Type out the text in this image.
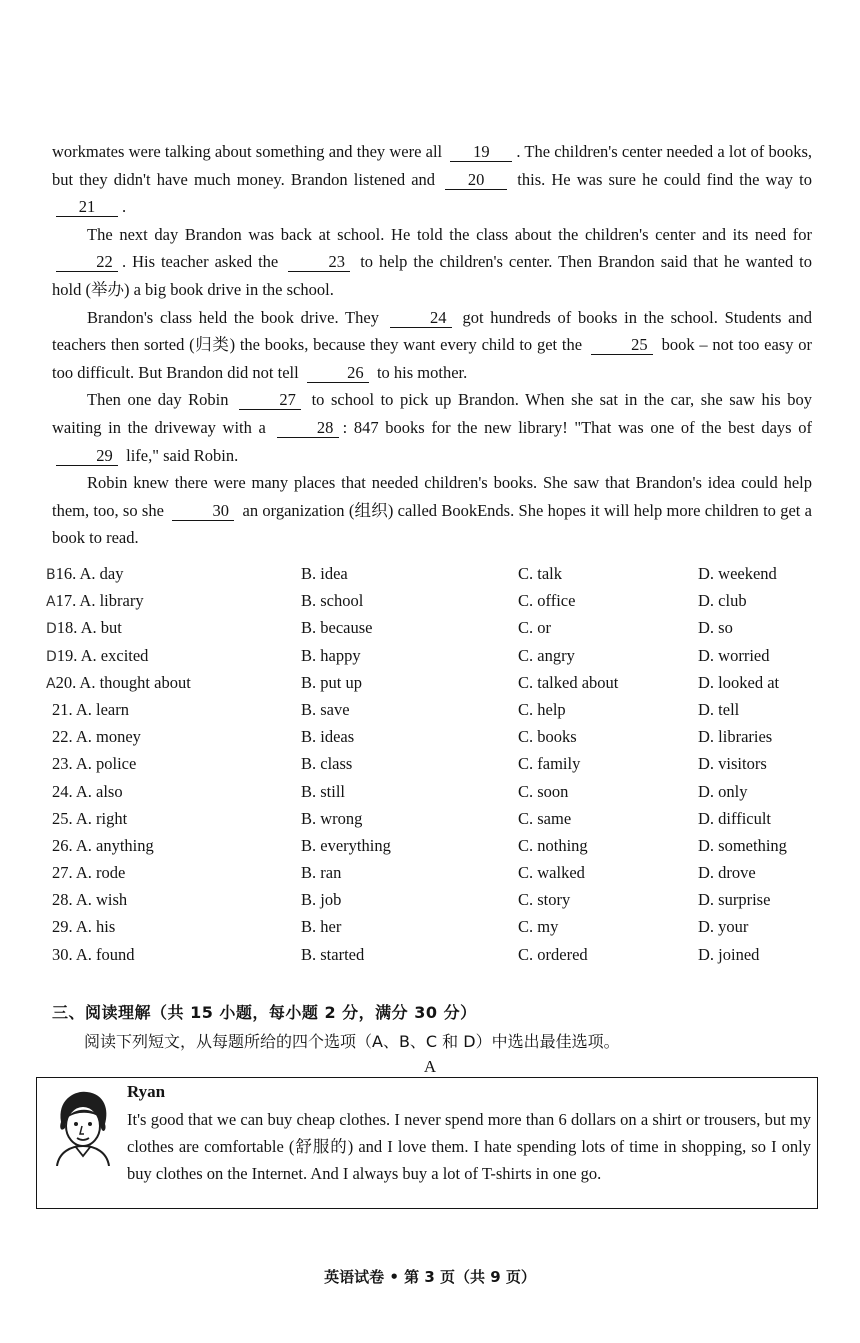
workmates were talking about something and they were all 19 . The children's center needed a lot of books, but they didn't have much money. Brandon listened and 20 this. He was sure he could find the way to 21 .

The next day Brandon was back at school. He told the class about the children's center and its need for 22 . His teacher asked the	23 to help the children's center. Then Brandon said that he wanted to hold (举办) a big book drive in the school.

Brandon's class held the book drive. They	24 got hundreds of books in the school. Students and teachers then sorted (归类) the books, because they want every child to get the	25 book – not too easy or too difficult. But Brandon did not tell	26 to his mother.

Then one day Robin	27 to school to pick up Brandon. When she sat in the car, she saw his boy waiting in the driveway with a	28 : 847 books for the new library! "That was one of the best days of 29 life," said Robin.

Robin knew there were many places that needed children's books. She saw that Brandon's idea could help them, too, so she	30 an organization (组织) called BookEnds. She hopes it will help more children to get a book to read.

B16. A. day	B. idea	C. talk	D. weekend
A17. A. library	B. school	C. office	D. club
D18. A. but	B. because	C. or	D. so
D19. A. excited	B. happy	C. angry	D. worried
A20. A. thought about	B. put up	C. talked about	D. looked at
21. A. learn	B. save	C. help	D. tell
22. A. money	B. ideas	C. books	D. libraries
23. A. police	B. class	C. family	D. visitors
24. A. also	B. still	C. soon	D. only
25. A. right	B. wrong	C. same	D. difficult
26. A. anything	B. everything	C. nothing	D. something
27. A. rode	B. ran	C. walked	D. drove
28. A. wish	B. job	C. story	D. surprise
29. A. his	B. her	C. my	D. your
30. A. found	B. started	C. ordered	D. joined
三、阅读理解（共 15 小题，每小题 2 分，满分 30 分）
阅读下列短文，从每题所给的四个选项（A、B、C 和 D）中选出最佳选项。
A
Ryan
It's good that we can buy cheap clothes. I never spend more than 6 dollars on a shirt or trousers, but my clothes are comfortable (舒服的) and I love them. I hate spending lots of time in shopping, so I only buy clothes on the Internet. And I always buy a lot of T-shirts in one go.
英语试卷 • 第 3 页（共 9 页）
